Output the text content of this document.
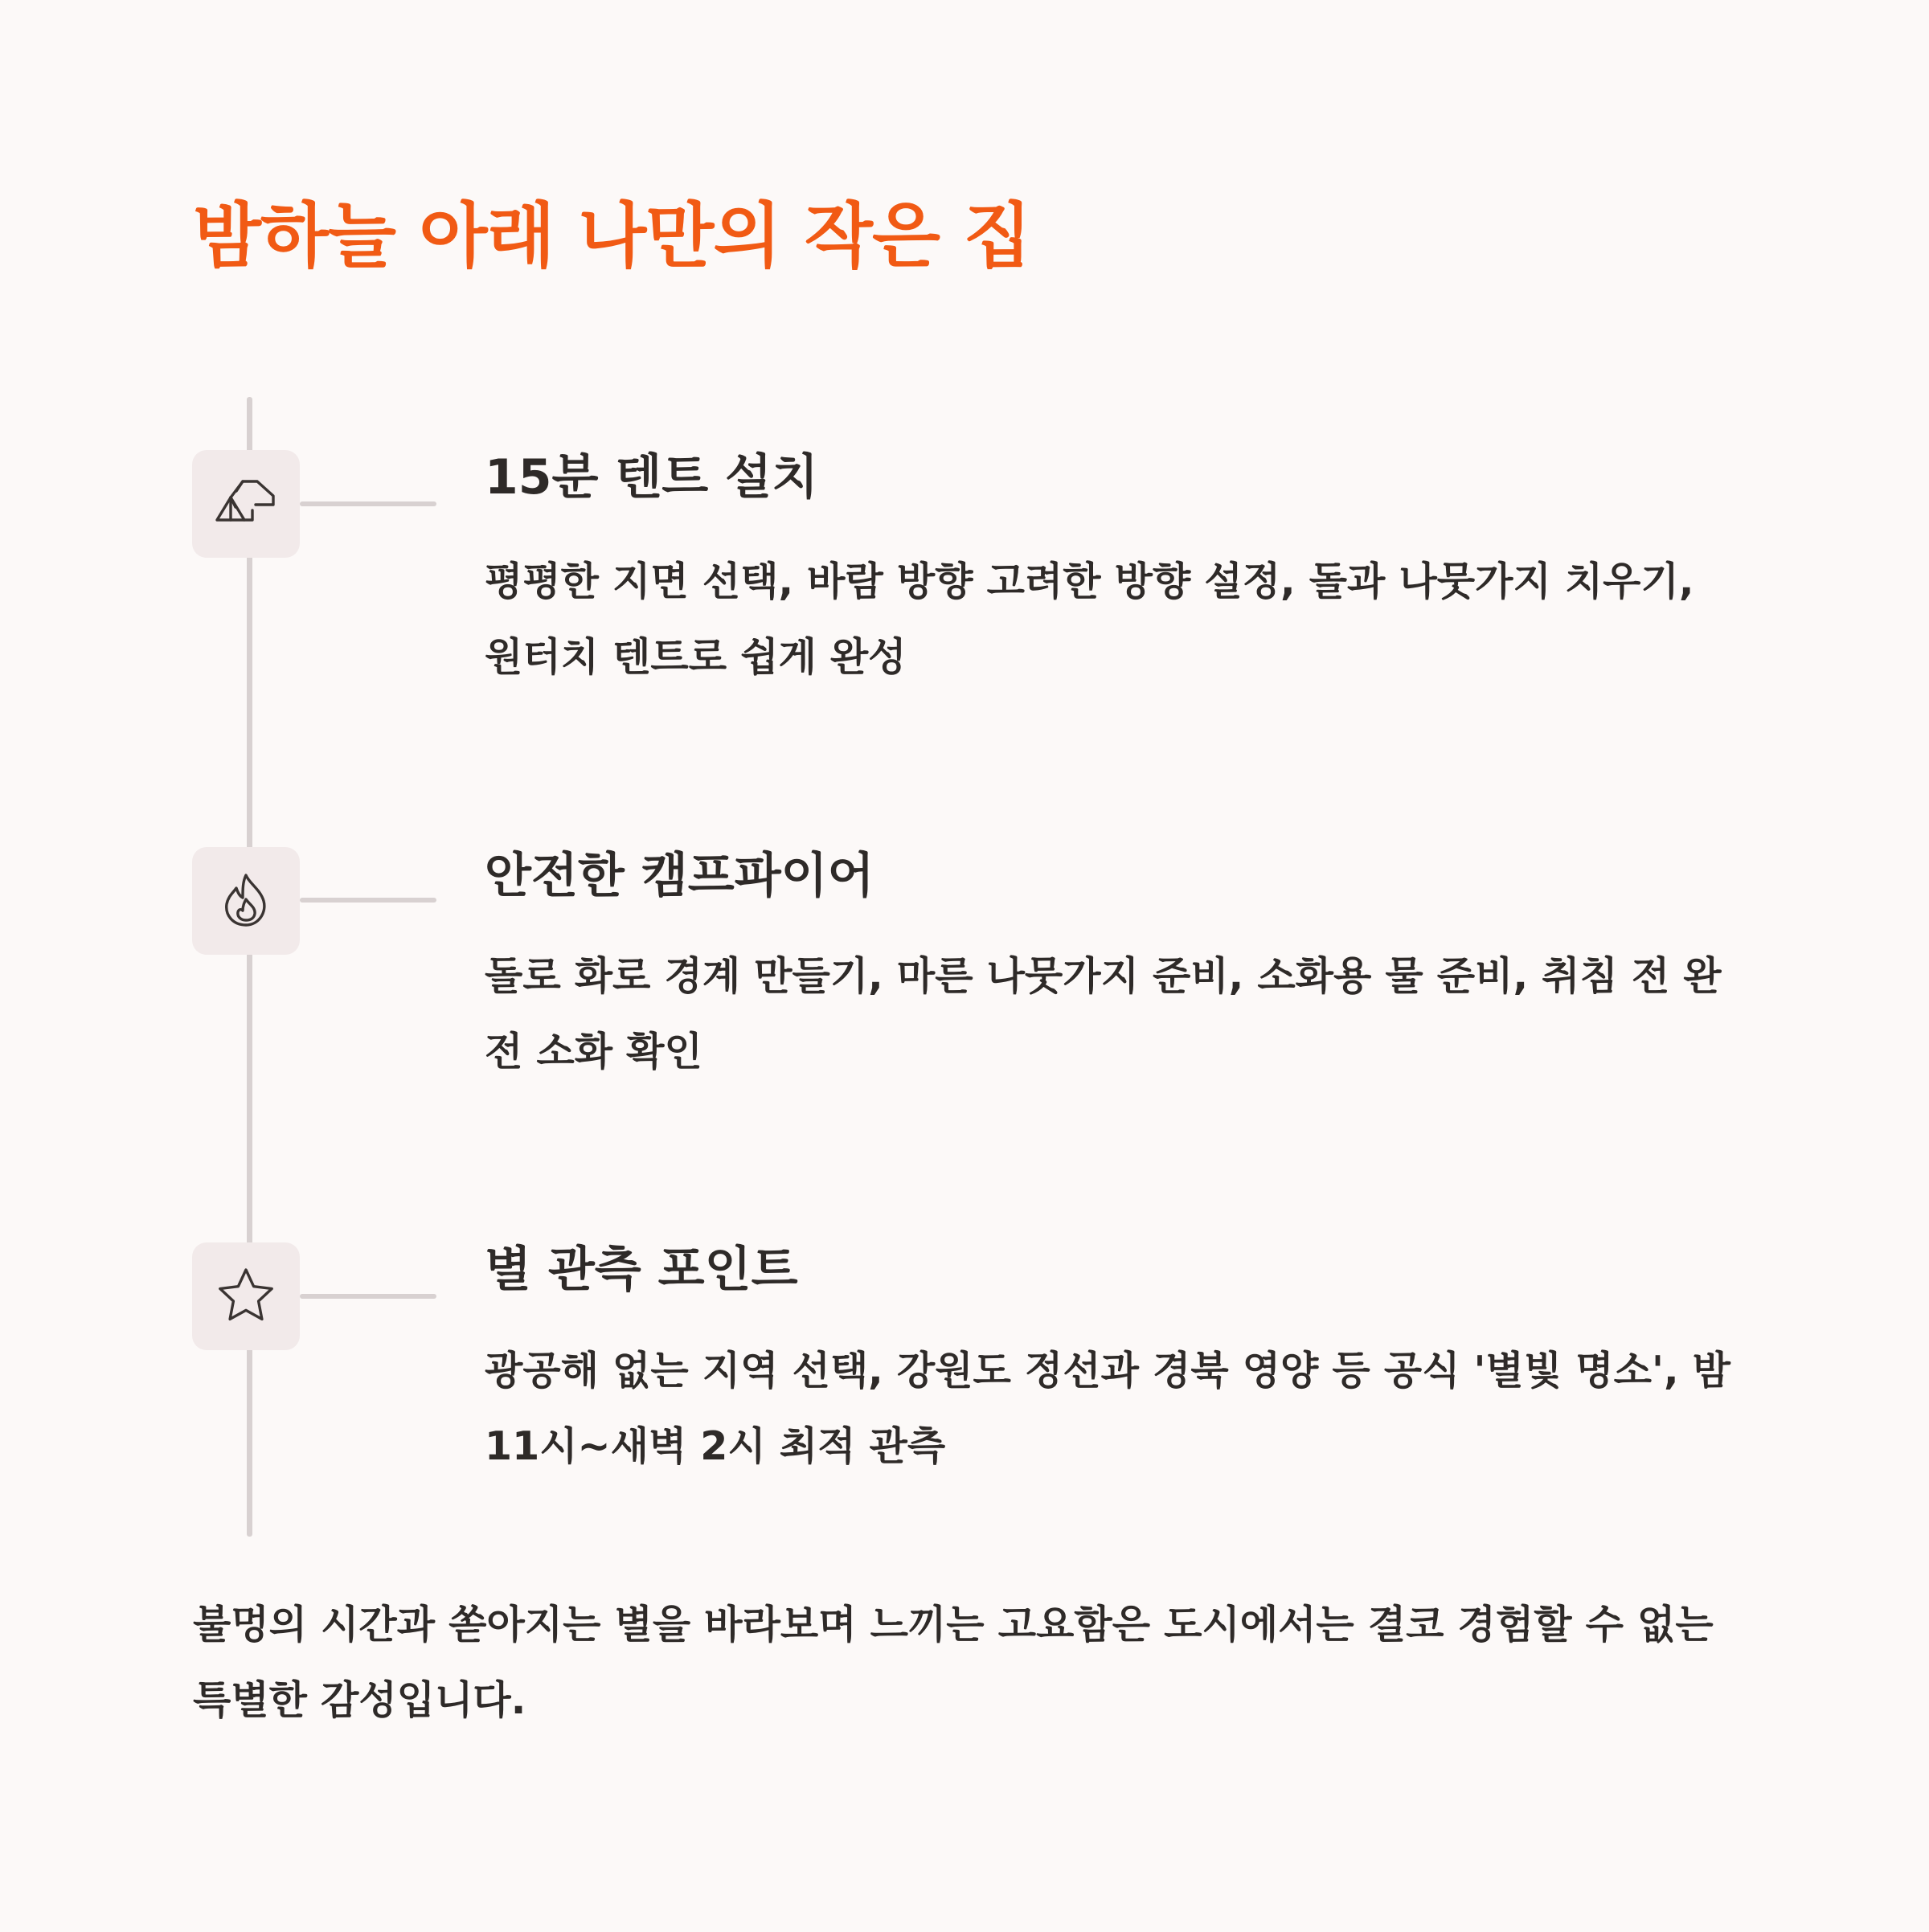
밤하늘 아래 나만의 작은 집
15분 텐트 설치

평평한 지면 선택, 바람 방향 고려한 방향 설정, 돌과 나뭇가지 치우기, 원터치 텐트로 쉽게 완성

안전한 캠프파이어

돌로 화로 경계 만들기, 마른 나뭇가지 준비, 소화용 물 준비, 취침 전 완전 소화 확인

별 관측 포인트

광공해 없는 지역 선택, 강원도 정선과 경북 영양 등 공식 '별빛 명소', 밤 11시~새벽 2시 최적 관측

불멍의 시간과 쏟아지는 별을 바라보며 느끼는 고요함은 도시에서는 결코 경험할 수 없는 특별한 감성입니다.
